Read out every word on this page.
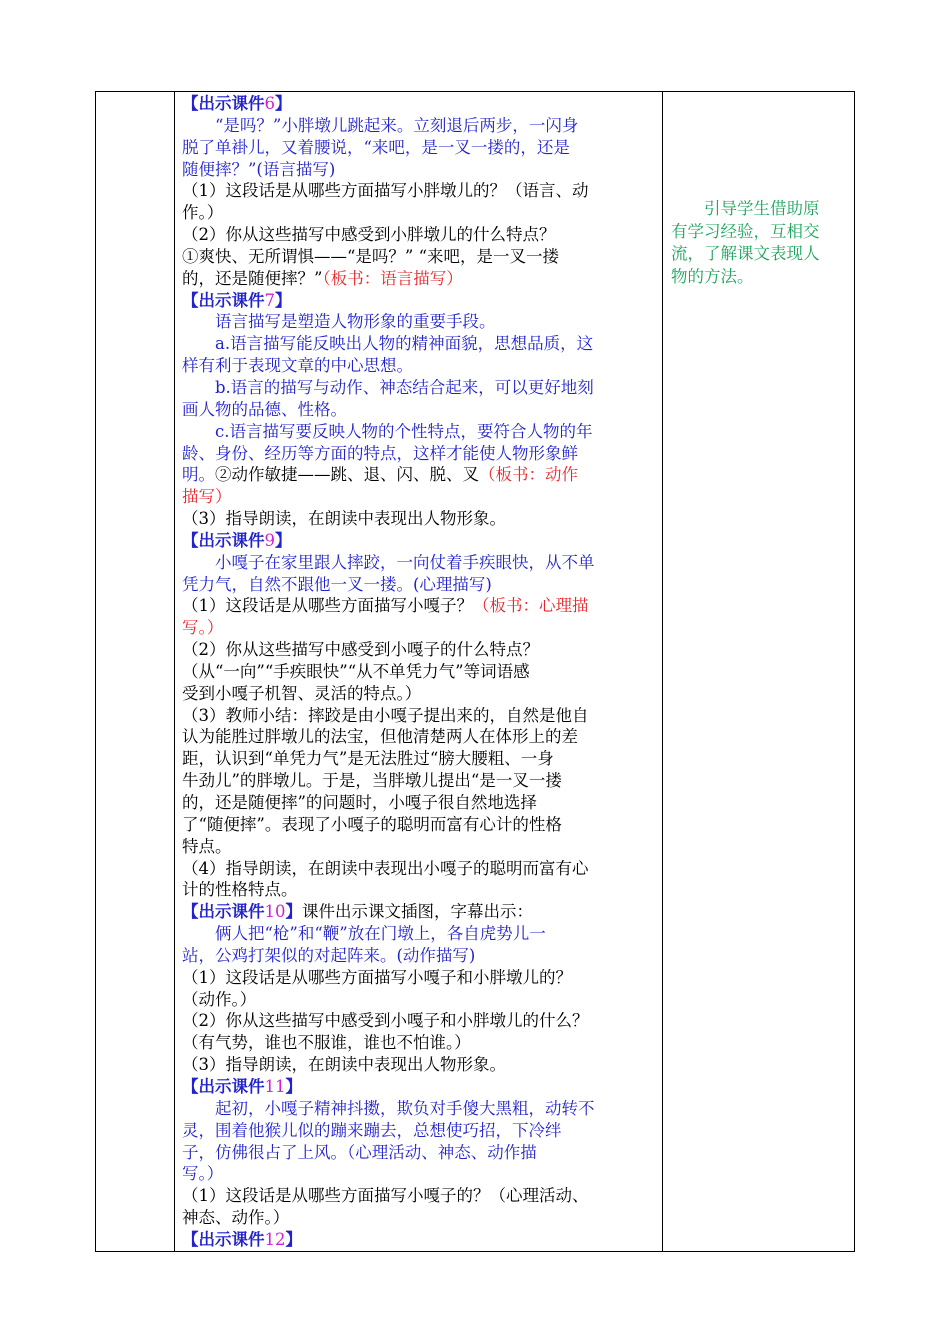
【出示课件6】
“是吗？”小胖墩儿跳起来。立刻退后两步，一闪身
脱了单褂儿，又着腰说，“来吧，是一叉一搂的，还是
随便摔？”(语言描写)
（1）这段话是从哪些方面描写小胖墩儿的？（语言、动
作。）
（2）你从这些描写中感受到小胖墩儿的什么特点？
①爽快、无所谓惧——“是吗？” “来吧，是一叉一搂
的，还是随便摔？”（板书：语言描写）
【出示课件7】
语言描写是塑造人物形象的重要手段。
a.语言描写能反映出人物的精神面貌，思想品质，这
样有利于表现文章的中心思想。
b.语言的描写与动作、神态结合起来，可以更好地刻
画人物的品德、性格。
c.语言描写要反映人物的个性特点，要符合人物的年
龄、身份、经历等方面的特点，这样才能使人物形象鲜
明。②动作敏捷——跳、退、闪、脱、叉（板书：动作
描写）
（3）指导朗读，在朗读中表现出人物形象。
【出示课件9】
小嘎子在家里跟人摔跤，一向仗着手疾眼快，从不单
凭力气，自然不跟他一叉一搂。(心理描写)
（1）这段话是从哪些方面描写小嘎子？（板书：心理描
写。）
（2）你从这些描写中感受到小嘎子的什么特点？
（从“一向”“手疾眼快”“从不单凭力气”等词语感
受到小嘎子机智、灵活的特点。）
（3）教师小结：摔跤是由小嘎子提出来的，自然是他自
认为能胜过胖墩儿的法宝，但他清楚两人在体形上的差
距，认识到“单凭力气”是无法胜过“膀大腰粗、一身
牛劲儿”的胖墩儿。于是，当胖墩儿提出“是一叉一搂
的，还是随便摔”的问题时，小嘎子很自然地选择
了“随便摔”。表现了小嘎子的聪明而富有心计的性格
特点。
（4）指导朗读，在朗读中表现出小嘎子的聪明而富有心
计的性格特点。
【出示课件10】课件出示课文插图，字幕出示：
俩人把“枪”和“鞭”放在门墩上，各自虎势儿一
站，公鸡打架似的对起阵来。(动作描写)
（1）这段话是从哪些方面描写小嘎子和小胖墩儿的？
（动作。）
（2）你从这些描写中感受到小嘎子和小胖墩儿的什么？
（有气势，谁也不服谁，谁也不怕谁。）
（3）指导朗读，在朗读中表现出人物形象。
【出示课件11】
起初，小嘎子精神抖擞，欺负对手傻大黑粗，动转不
灵，围着他猴儿似的蹦来蹦去，总想使巧招，下冷绊
子，仿佛很占了上风。（心理活动、神态、动作描
写。）
（1）这段话是从哪些方面描写小嘎子的？（心理活动、
神态、动作。）
【出示课件12】
　　引导学生借助原
有学习经验，互相交
流，了解课文表现人
物的方法。
